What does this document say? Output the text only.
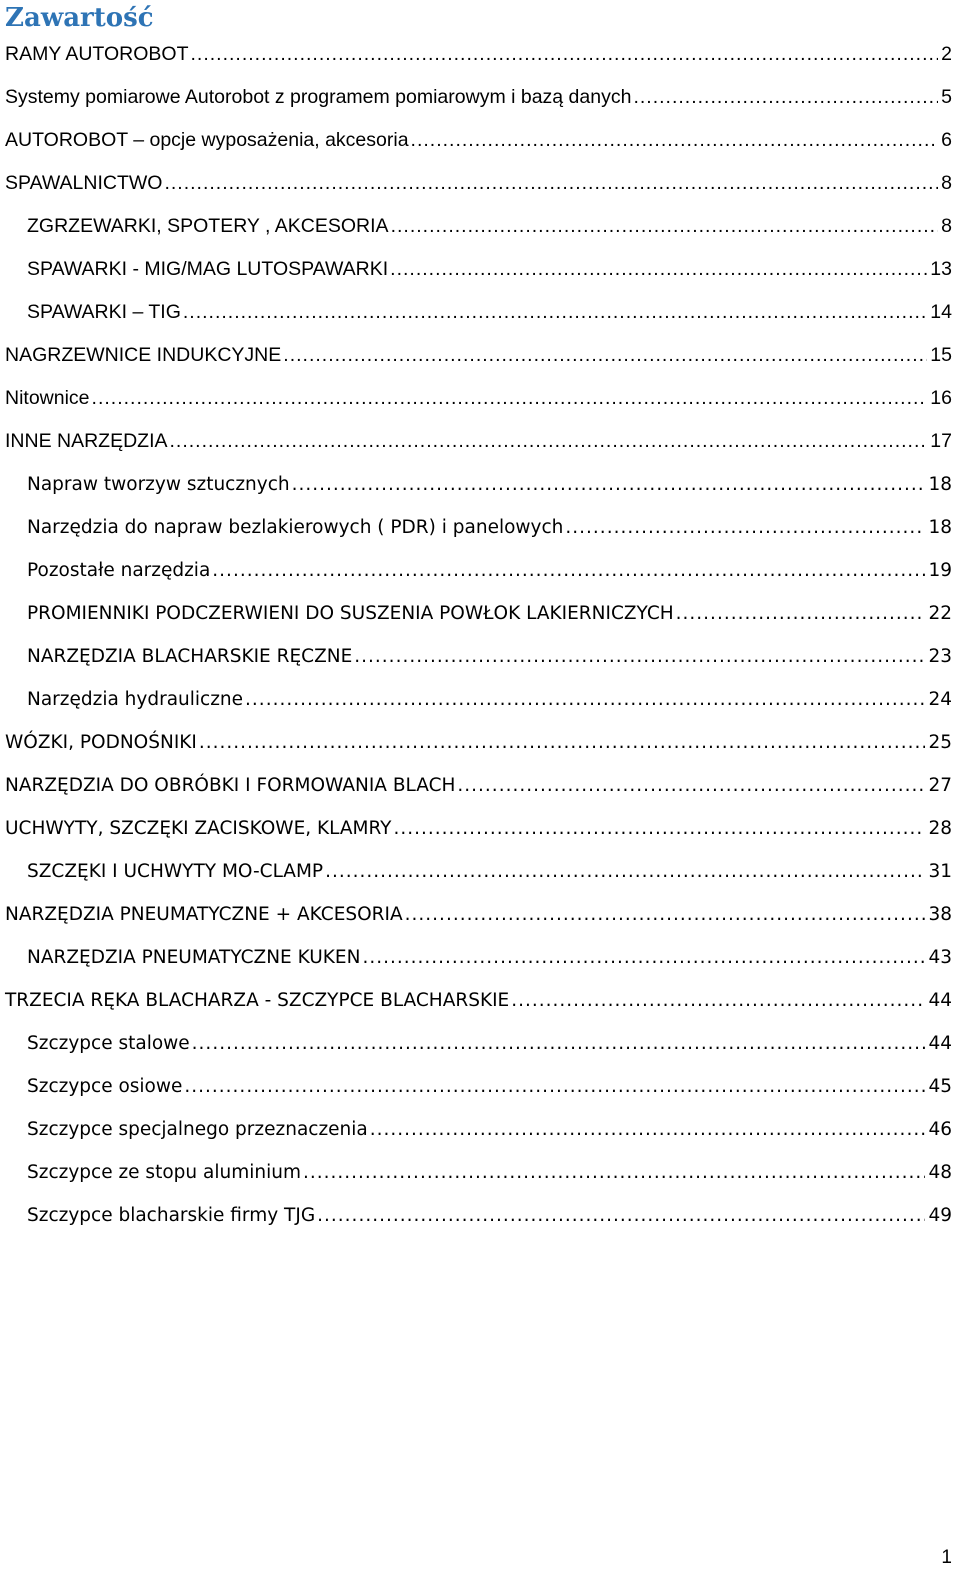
Zawartość
RAMY AUTOROBOT .....	2
Systemy pomiarowe Autorobot z programem pomiarowym i bazą danych .....	5
AUTOROBOT – opcje wyposażenia, akcesoria .....	6
SPAWALNICTWO .....	8
ZGRZEWARKI, SPOTERY , AKCESORIA .....	8
SPAWARKI - MIG/MAG LUTOSPAWARKI .....	13
SPAWARKI – TIG .....	14
NAGRZEWNICE INDUKCYJNE .....	15
Nitownice .....	16
INNE NARZĘDZIA .....	17
Napraw tworzyw sztucznych .....	18
Narzędzia do napraw bezlakierowych ( PDR) i panelowych .....	18
Pozostałe narzędzia .....	19
PROMIENNIKI PODCZERWIENI DO SUSZENIA POWŁOK LAKIERNICZYCH .....	22
NARZĘDZIA BLACHARSKIE RĘCZNE .....	23
Narzędzia hydrauliczne .....	24
WÓZKI, PODNOŚNIKI .....	25
NARZĘDZIA DO OBRÓBKI I FORMOWANIA BLACH .....	27
UCHWYTY, SZCZĘKI ZACISKOWE, KLAMRY .....	28
SZCZĘKI I UCHWYTY MO-CLAMP .....	31
NARZĘDZIA PNEUMATYCZNE + AKCESORIA .....	38
NARZĘDZIA PNEUMATYCZNE KUKEN .....	43
TRZECIA RĘKA BLACHARZA - SZCZYPCE BLACHARSKIE .....	44
Szczypce stalowe .....	44
Szczypce osiowe .....	45
Szczypce specjalnego przeznaczenia .....	46
Szczypce ze stopu aluminium .....	48
Szczypce blacharskie firmy TJG .....	49

1
